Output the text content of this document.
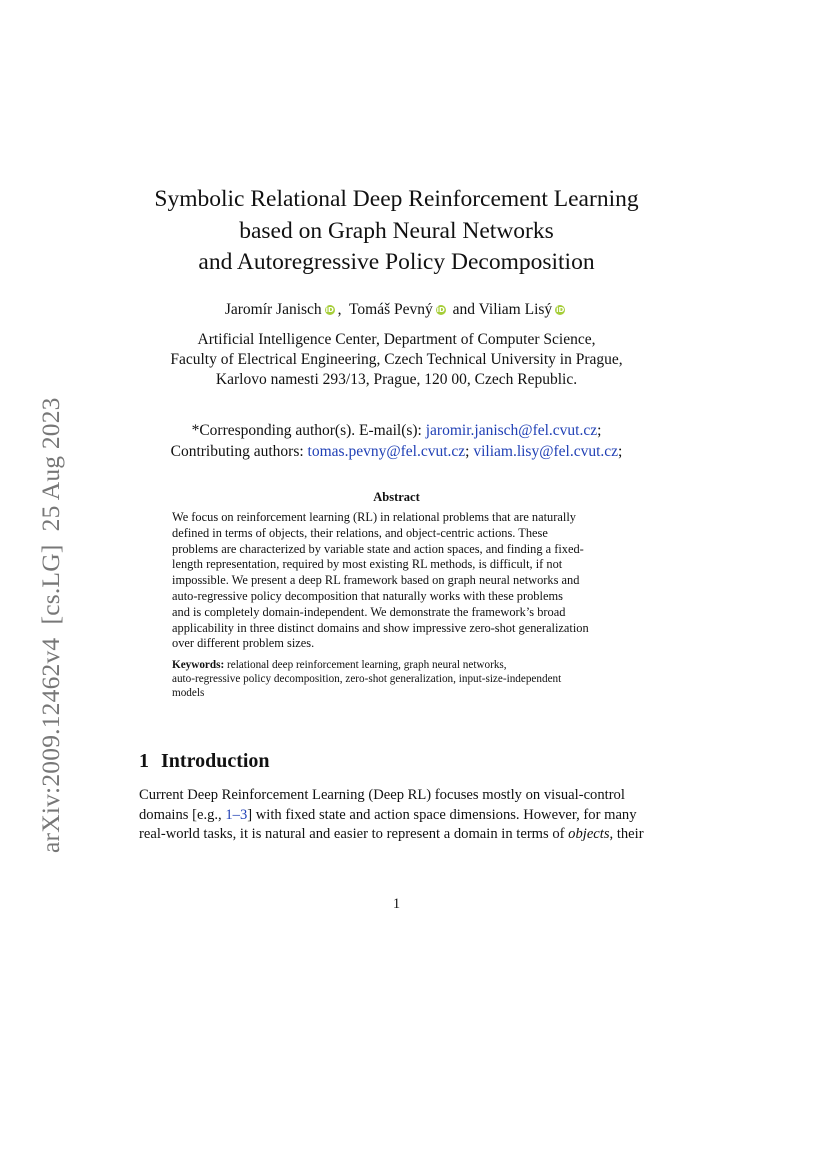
arXiv:2009.12462v4  [cs.LG]  25 Aug 2023
Symbolic Relational Deep Reinforcement Learning
based on Graph Neural Networks
and Autoregressive Policy Decomposition
Jaromír Janisch iD ,  Tomáš Pevný iD and Viliam Lisý iD
Artificial Intelligence Center, Department of Computer Science,
Faculty of Electrical Engineering, Czech Technical University in Prague,
Karlovo namesti 293/13, Prague, 120 00, Czech Republic.
*Corresponding author(s). E-mail(s): jaromir.janisch@fel.cvut.cz;
Contributing authors: tomas.pevny@fel.cvut.cz; viliam.lisy@fel.cvut.cz;
Abstract
We focus on reinforcement learning (RL) in relational problems that are naturally
defined in terms of objects, their relations, and object-centric actions. These
problems are characterized by variable state and action spaces, and finding a fixed-
length representation, required by most existing RL methods, is difficult, if not
impossible. We present a deep RL framework based on graph neural networks and
auto-regressive policy decomposition that naturally works with these problems
and is completely domain-independent. We demonstrate the framework’s broad
applicability in three distinct domains and show impressive zero-shot generalization
over different problem sizes.
Keywords: relational deep reinforcement learning, graph neural networks,
auto-regressive policy decomposition, zero-shot generalization, input-size-independent
models
1 Introduction
Current Deep Reinforcement Learning (Deep RL) focuses mostly on visual-control
domains [e.g., 1–3] with fixed state and action space dimensions. However, for many
real-world tasks, it is natural and easier to represent a domain in terms of objects, their
1
